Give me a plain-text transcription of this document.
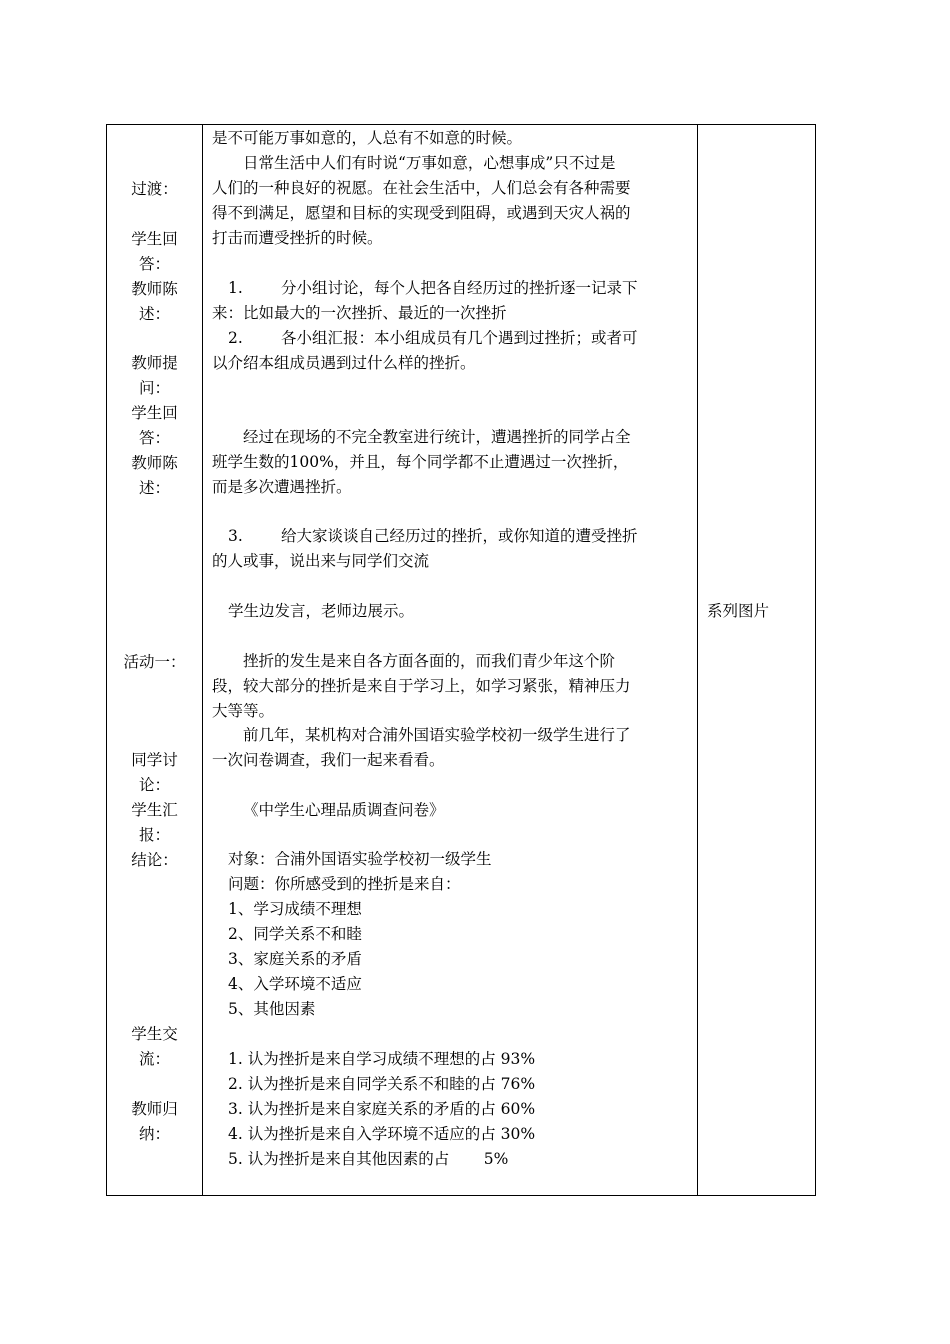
过渡：
学生回
答：
教师陈
述：
教师提
问：
学生回
答：
教师陈
述：
活动一：
同学讨
论：
学生汇
报：
结论：
学生交
流：
教师归
纳：
是不可能万事如意的，人总有不如意的时候。
日常生活中人们有时说“万事如意，心想事成”只不过是
人们的一种良好的祝愿。在社会生活中，人们总会有各种需要
得不到满足，愿望和目标的实现受到阻碍，或遇到天灾人祸的
打击而遭受挫折的时候。
1. 分小组讨论，每个人把各自经历过的挫折逐一记录下
来：比如最大的一次挫折、最近的一次挫折
2. 各小组汇报：本小组成员有几个遇到过挫折；或者可
以介绍本组成员遇到过什么样的挫折。
经过在现场的不完全教室进行统计，遭遇挫折的同学占全
班学生数的100%，并且，每个同学都不止遭遇过一次挫折，
而是多次遭遇挫折。
3. 给大家谈谈自己经历过的挫折，或你知道的遭受挫折
的人或事，说出来与同学们交流
学生边发言，老师边展示。
挫折的发生是来自各方面各面的，而我们青少年这个阶
段，较大部分的挫折是来自于学习上，如学习紧张，精神压力
大等等。
前几年，某机构对合浦外国语实验学校初一级学生进行了
一次问卷调查，我们一起来看看。
《中学生心理品质调查问卷》
对象：合浦外国语实验学校初一级学生
问题：你所感受到的挫折是来自：
1、学习成绩不理想
2、同学关系不和睦
3、家庭关系的矛盾
4、入学环境不适应
5、其他因素
1. 认为挫折是来自学习成绩不理想的占 93%
2. 认为挫折是来自同学关系不和睦的占 76%
3. 认为挫折是来自家庭关系的矛盾的占 60%
4. 认为挫折是来自入学环境不适应的占 30%
5. 认为挫折是来自其他因素的占       5%
系列图片
